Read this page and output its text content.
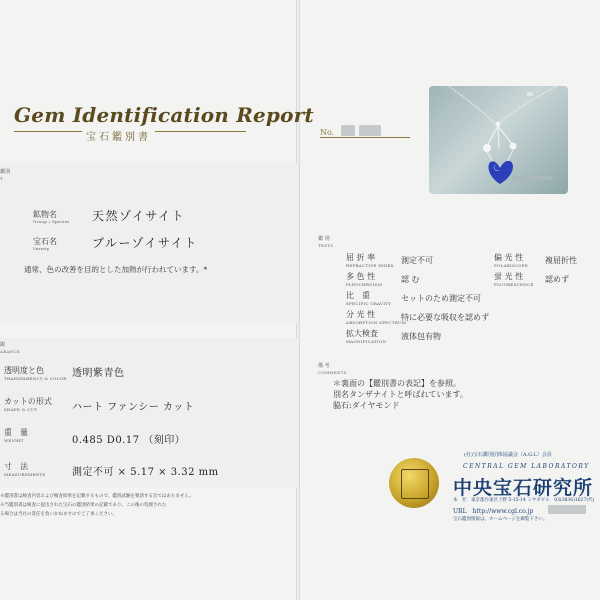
Gem Identification Report
宝石鑑別書
鑑別
T
鉱物名
Group / Species 天然ゾイサイト
宝石名
Variety	ブルーゾイサイト
通常、色の改善を目的とした加熱が行われています。*
観
ARANCE
透明度と色
TRANSPARENCY & COLOR 透明紫青色
カットの形式
SHAPE & CUT	ハート ファンシー カット
重　量
WEIGHT	0.485 D0.17 （刻印）
寸　法
MEASUREMENTS	測定不可 × 5.17 × 3.32 mm
※鑑別書は検査内容および検査結果を記載するもので、鑑別試験を要請する旨ではありません。
※当鑑別書は検査に提出された宝石の鑑別結果の記載であり、この後の処理された
る場合は当社の責任を負いかねますのでご了承ください。
No.
鑑 別
TESTS
屈 折 率
REFRACTIVE INDEX
測定不可
多 色 性
PLEOCHROISM
認 む
比　重
SPECIFIC GRAVITY
セットのため測定不可
分 光 性
ABSORPTION SPECTRUM
特に必要な吸収を認めず
拡大検査
MAGNIFICATION
液体包有物
偏 光 性
POLARISCOPE
複屈折性
蛍 光 性
FLUORESCENCE
認めず
備 考
COMMENTS
＊裏面の【鑑別書の表記】を参照。
別名タンザナイトと呼ばれています。
脇石:ダイヤモンド
(社)宝石鑑別団体協議会（A.G.L）会員
CENTRAL GEM LABORATORY
中央宝石研究所
本　社：東京都台東区上野 5-15-14 ミヤギビル　03(3836)1627(代)
URL　http://www.cgl.co.jp
宝石鑑別情報は、ホームページを御覧下さい。
